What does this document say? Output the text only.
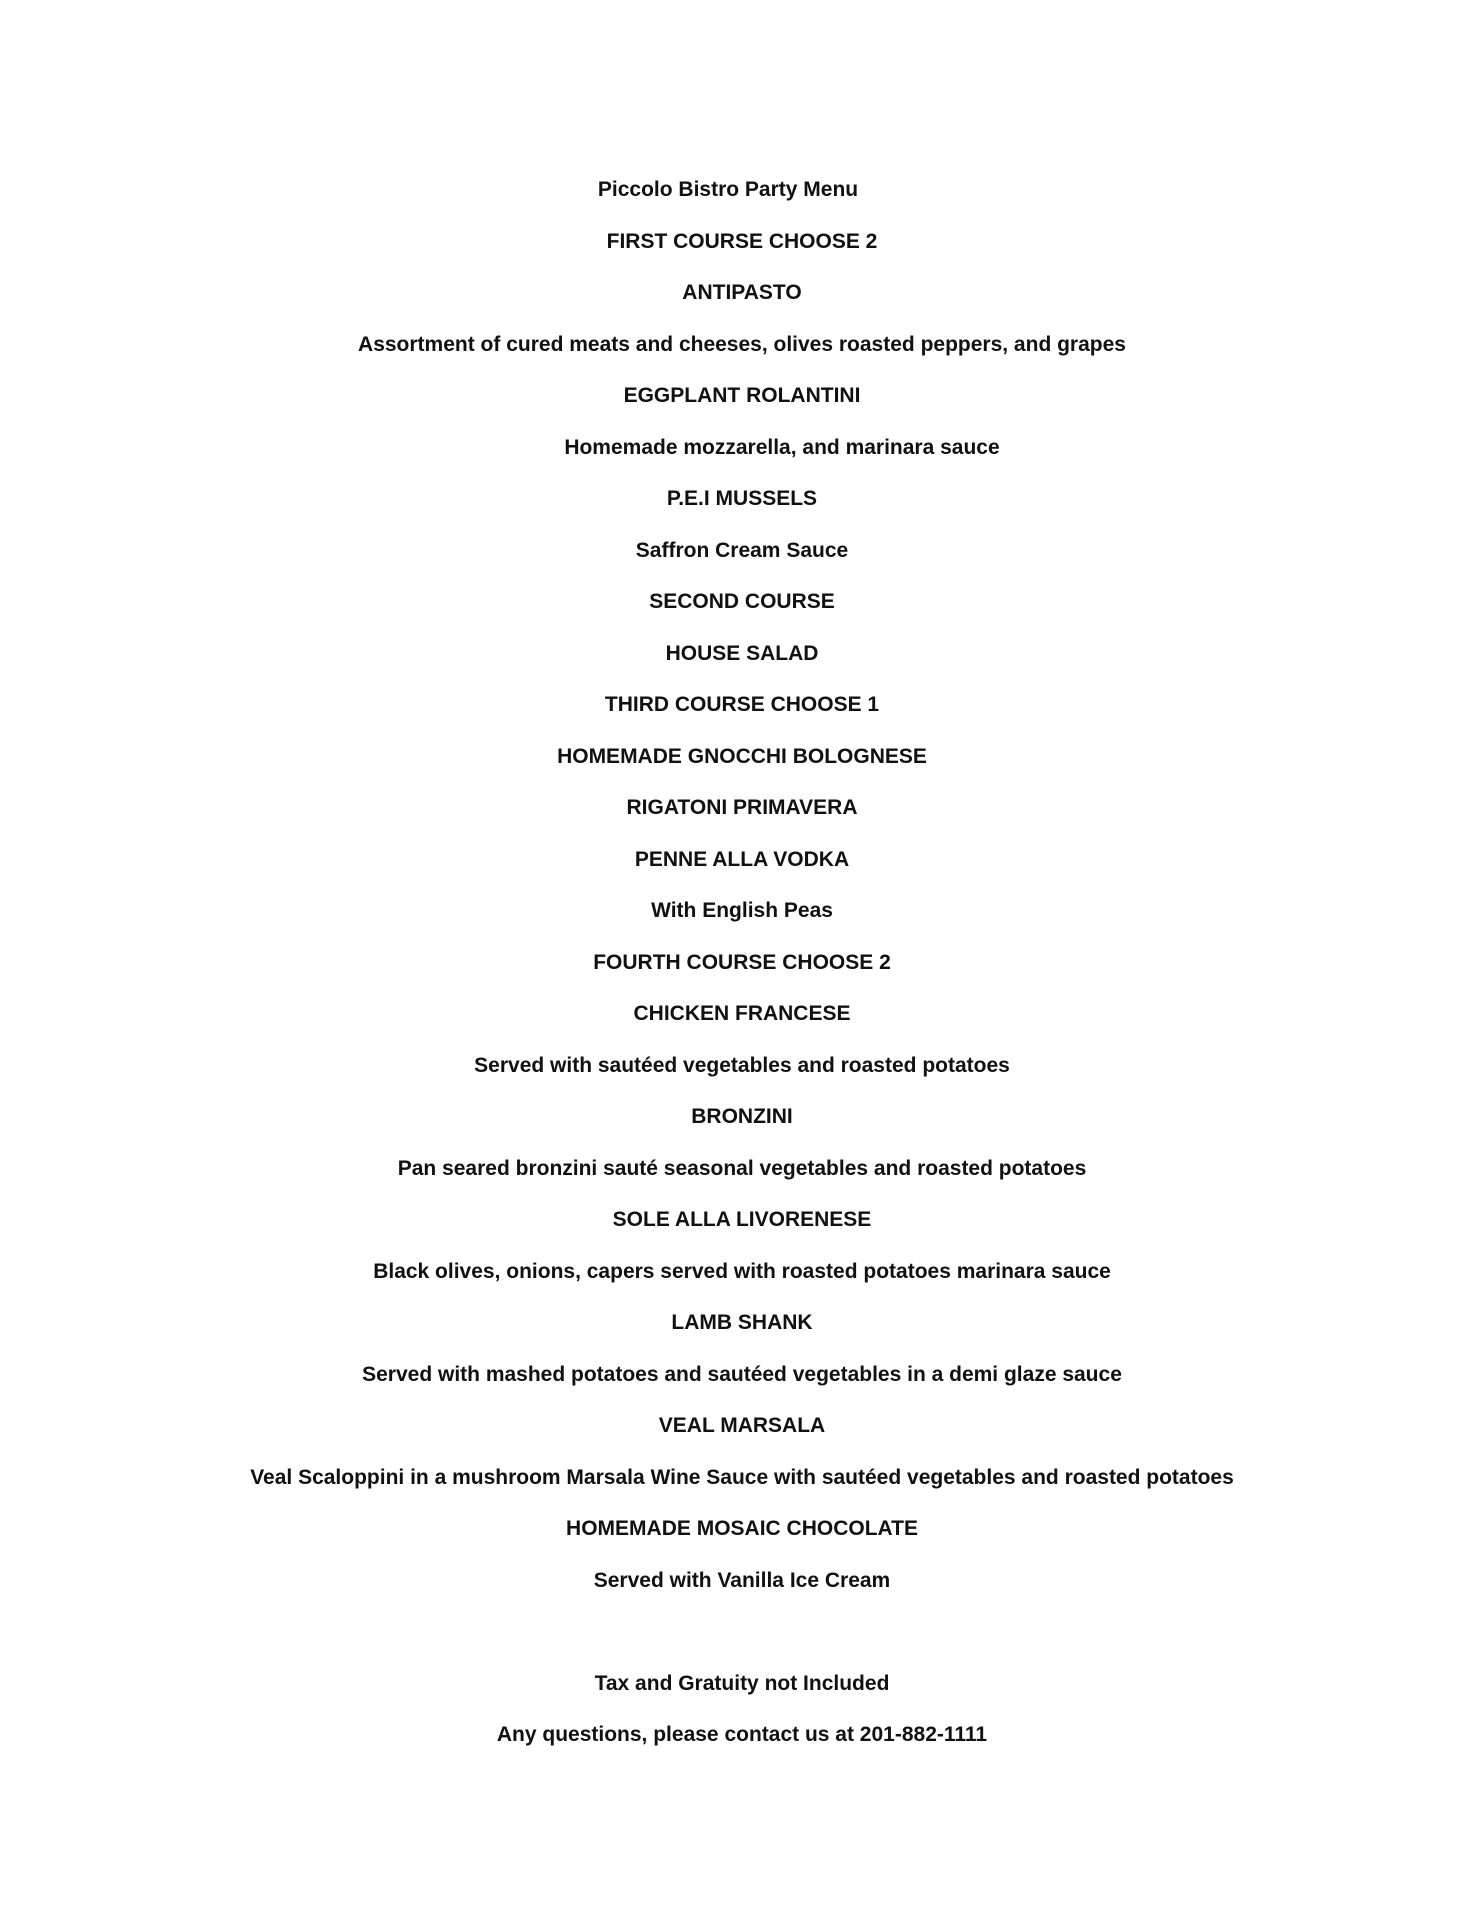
Piccolo Bistro Party Menu
FIRST COURSE CHOOSE 2
ANTIPASTO
Assortment of cured meats and cheeses, olives roasted peppers, and grapes
EGGPLANT ROLANTINI
Homemade mozzarella, and marinara sauce
P.E.I MUSSELS
Saffron Cream Sauce
SECOND COURSE
HOUSE SALAD
THIRD COURSE CHOOSE 1
HOMEMADE GNOCCHI BOLOGNESE
RIGATONI PRIMAVERA
PENNE ALLA VODKA
With English Peas
FOURTH COURSE CHOOSE 2
CHICKEN FRANCESE
Served with sautéed vegetables and roasted potatoes
BRONZINI
Pan seared bronzini sauté seasonal vegetables and roasted potatoes
SOLE ALLA LIVORENESE
Black olives, onions, capers served with roasted potatoes marinara sauce
LAMB SHANK
Served with mashed potatoes and sautéed vegetables in a demi glaze sauce
VEAL MARSALA
Veal Scaloppini in a mushroom Marsala Wine Sauce with sautéed vegetables and roasted potatoes
HOMEMADE MOSAIC CHOCOLATE
Served with Vanilla Ice Cream
Tax and Gratuity not Included
Any questions, please contact us at 201-882-1111
